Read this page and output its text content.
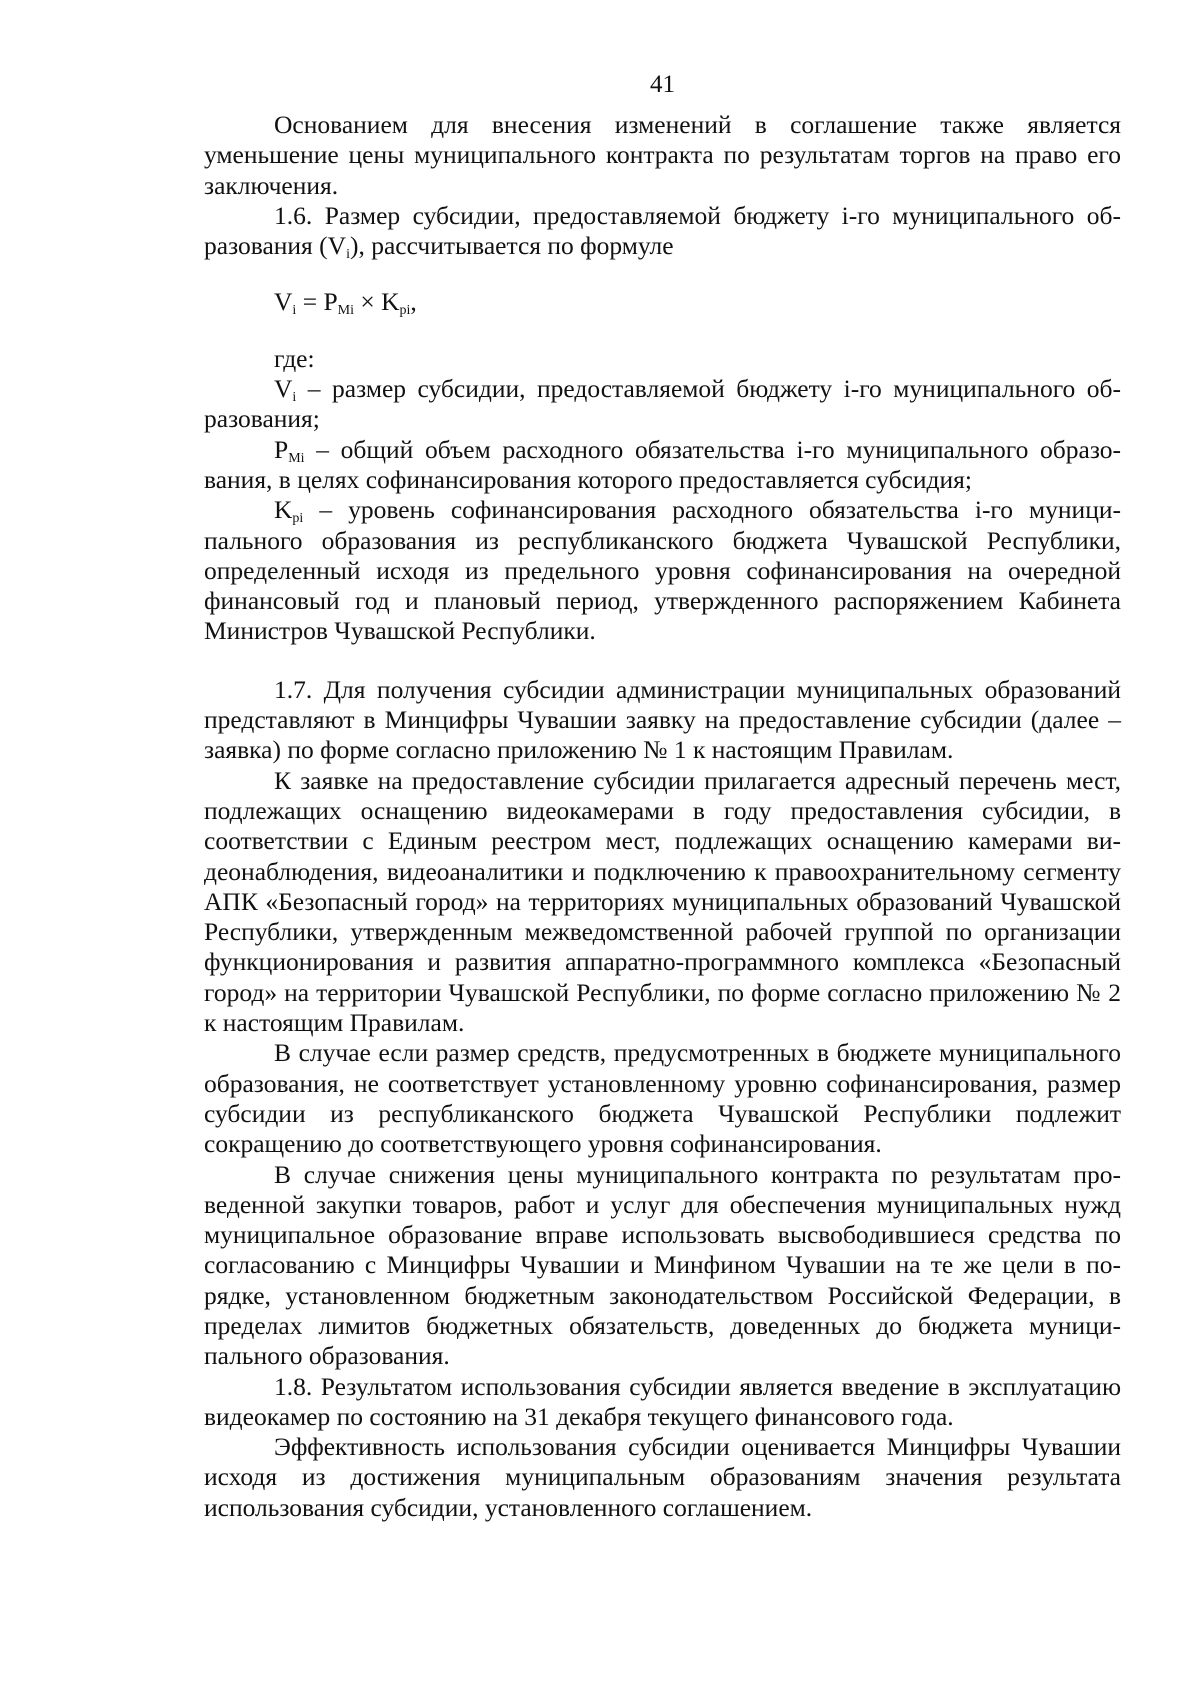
41

Основанием для внесения изменений в соглашение также является уменьшение цены муниципального контракта по результатам торгов на право его заключения.

1.6. Размер субсидии, предоставляемой бюджету i-го муниципального образования $(V_i)$, рассчитывается по формуле

$V_i = P_{Mi} \times K_{pi}$,

где:

$V_i$ – размер субсидии, предоставляемой бюджету i-го муниципального образования;

$P_{Mi}$ – общий объем расходного обязательства i-го муниципального образования, в целях софинансирования которого предоставляется субсидия;

$K_{pi}$ – уровень софинансирования расходного обязательства i-го муниципального образования из республиканского бюджета Чувашской Республики, определенный исходя из предельного уровня софинансирования на очередной финансовый год и плановый период, утвержденного распоряжением Кабинета Министров Чувашской Республики.

1.7. Для получения субсидии администрации муниципальных образований представляют в Минцифры Чувашии заявку на предоставление субсидии (далее – заявка) по форме согласно приложению № 1 к настоящим Правилам.

К заявке на предоставление субсидии прилагается адресный перечень мест, подлежащих оснащению видеокамерами в году предоставления субсидии, в соответствии с Единым реестром мест, подлежащих оснащению камерами видеонаблюдения, видеоаналитики и подключению к правоохранительному сегменту АПК «Безопасный город» на территориях муниципальных образований Чувашской Республики, утвержденным межведомственной рабочей группой по организации функционирования и развития аппаратно-программного комплекса «Безопасный город» на территории Чувашской Республики, по форме согласно приложению № 2 к настоящим Правилам.

В случае если размер средств, предусмотренных в бюджете муниципального образования, не соответствует установленному уровню софинансирования, размер субсидии из республиканского бюджета Чувашской Республики подлежит сокращению до соответствующего уровня софинансирования.

В случае снижения цены муниципального контракта по результатам проведенной закупки товаров, работ и услуг для обеспечения муниципальных нужд муниципальное образование вправе использовать высвободившиеся средства по согласованию с Минцифры Чувашии и Минфином Чувашии на те же цели в порядке, установленном бюджетным законодательством Российской Федерации, в пределах лимитов бюджетных обязательств, доведенных до бюджета муниципального образования.

1.8. Результатом использования субсидии является введение в эксплуатацию видеокамер по состоянию на 31 декабря текущего финансового года.

Эффективность использования субсидии оценивается Минцифры Чувашии исходя из достижения муниципальным образованиям значения результата использования субсидии, установленного соглашением.
